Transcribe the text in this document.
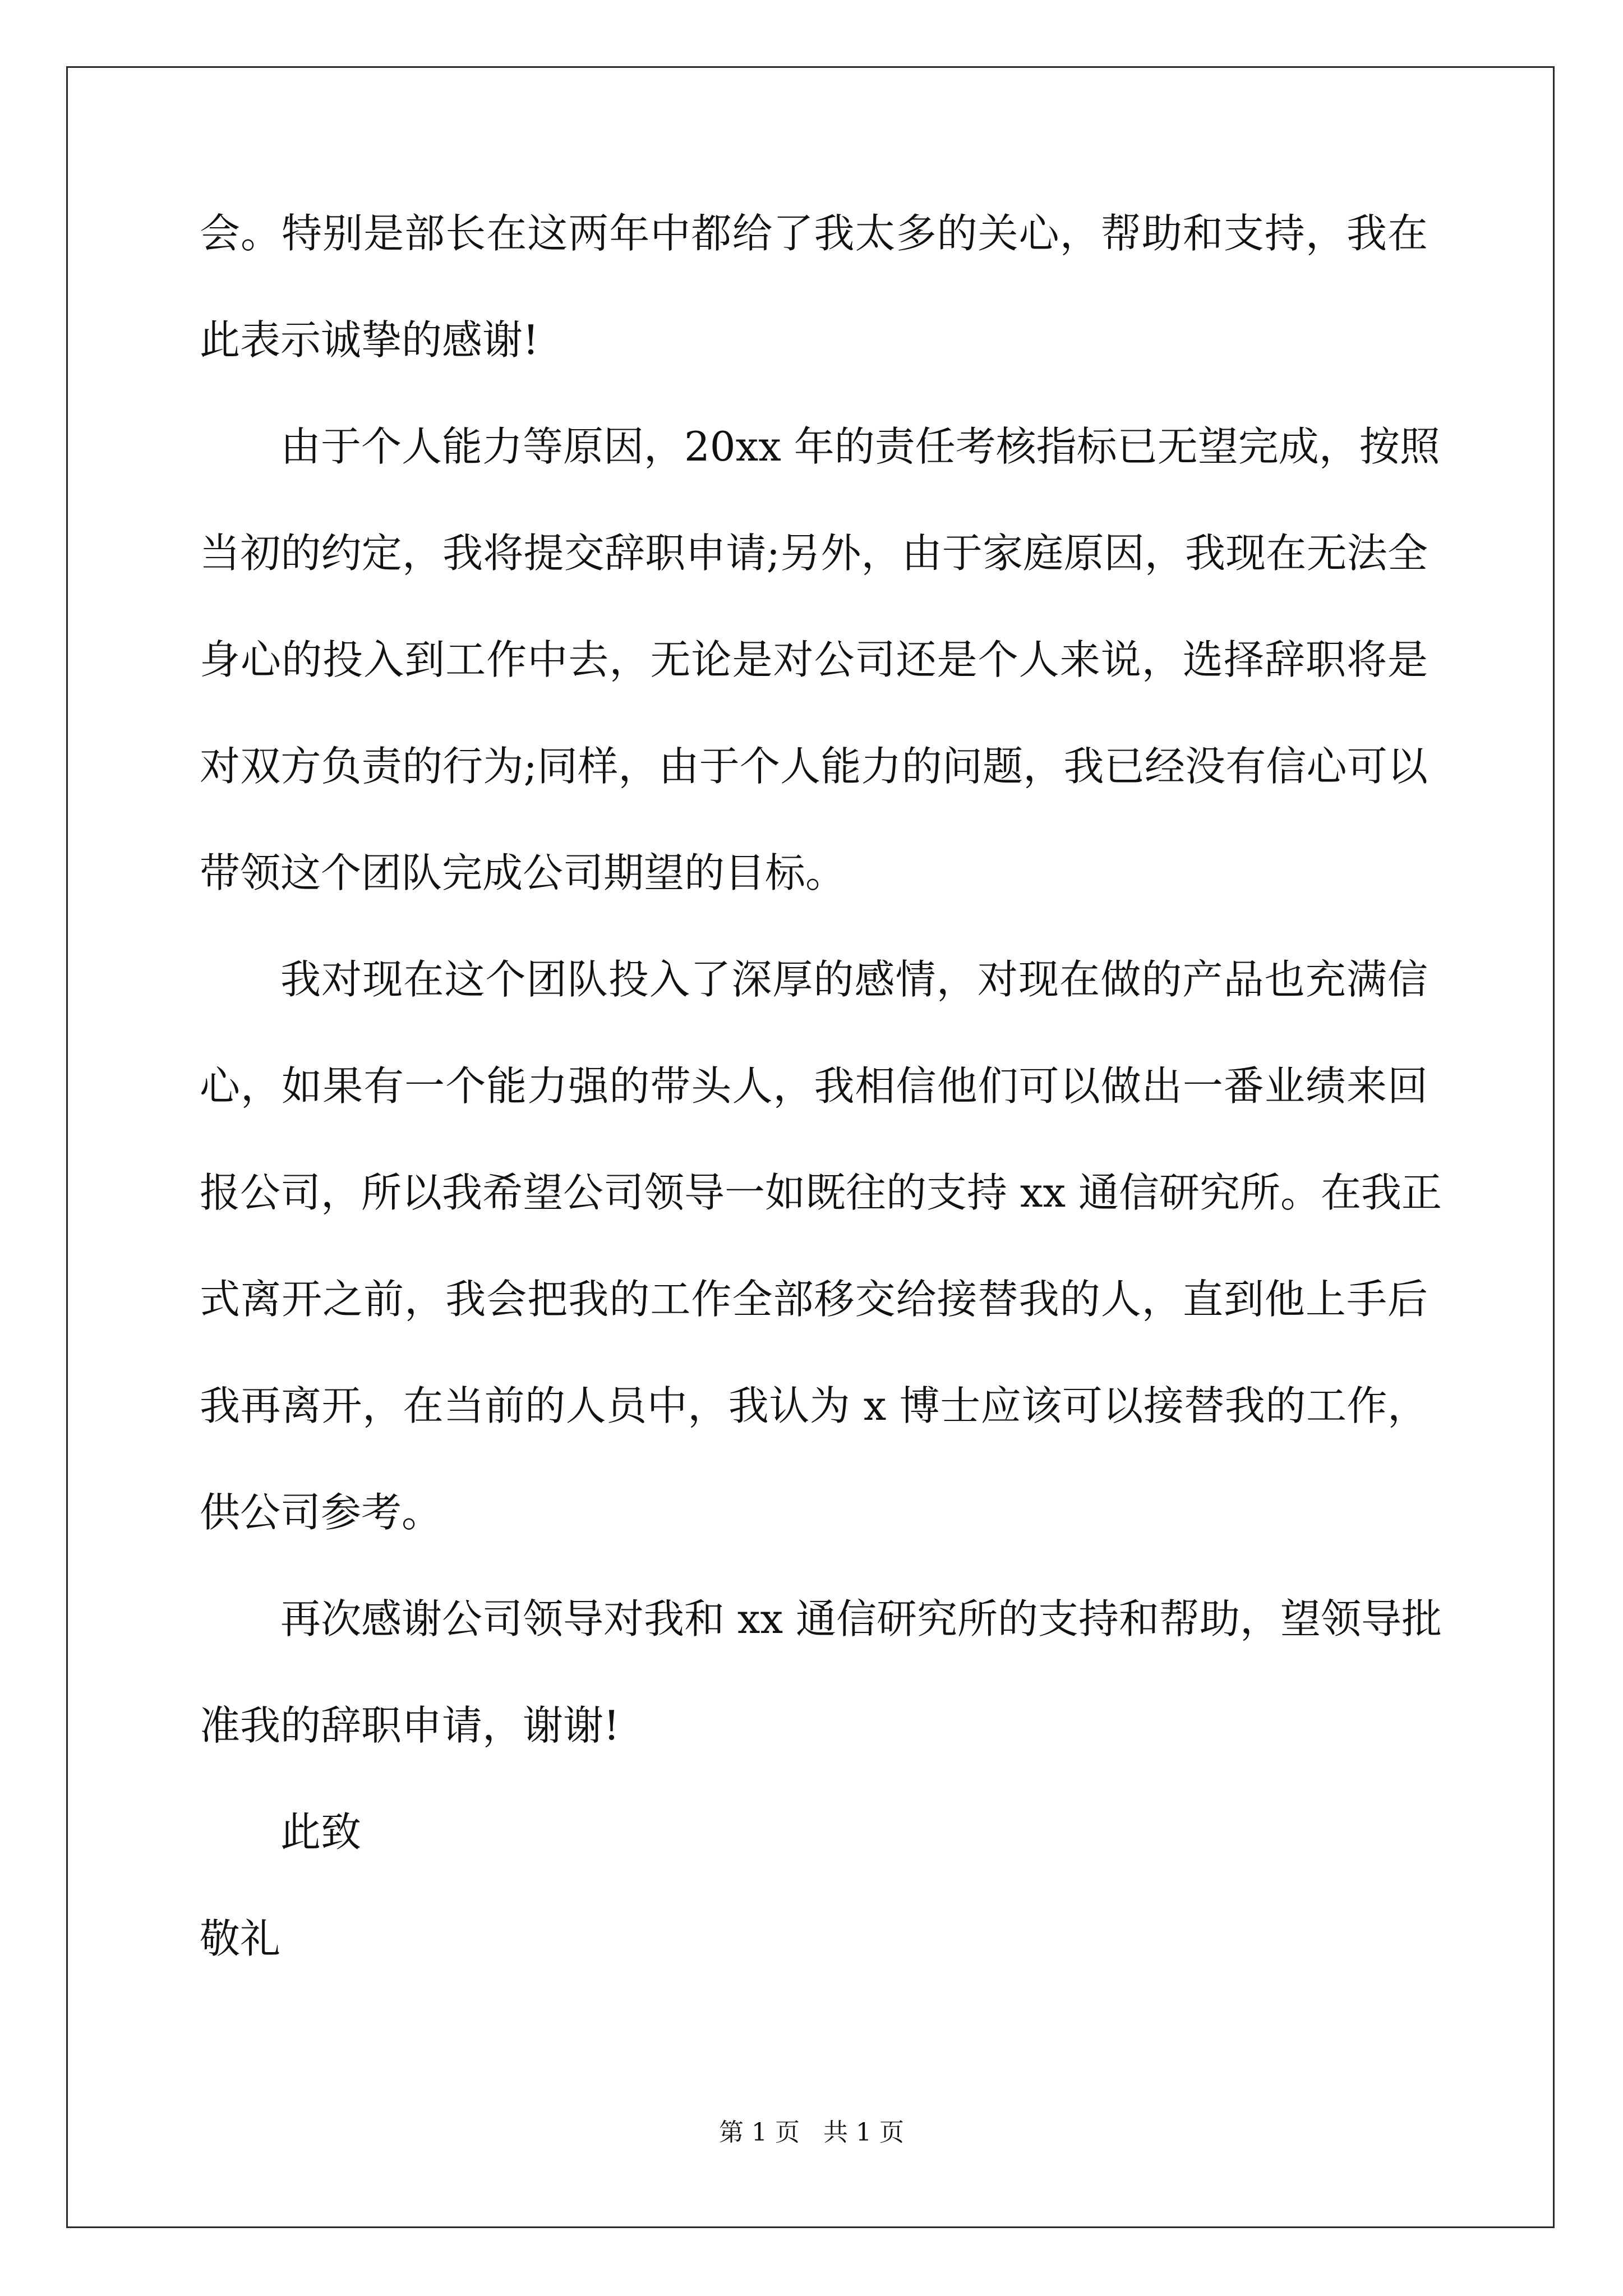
会。特别是部长在这两年中都给了我太多的关心，帮助和支持，我在
此表示诚挚的感谢!
由于个人能力等原因，20xx 年的责任考核指标已无望完成，按照
当初的约定，我将提交辞职申请;另外，由于家庭原因，我现在无法全
身心的投入到工作中去，无论是对公司还是个人来说，选择辞职将是
对双方负责的行为;同样，由于个人能力的问题，我已经没有信心可以
带领这个团队完成公司期望的目标。
我对现在这个团队投入了深厚的感情，对现在做的产品也充满信
心，如果有一个能力强的带头人，我相信他们可以做出一番业绩来回
报公司，所以我希望公司领导一如既往的支持 xx 通信研究所。在我正
式离开之前，我会把我的工作全部移交给接替我的人，直到他上手后
我再离开，在当前的人员中，我认为 x 博士应该可以接替我的工作，
供公司参考。
再次感谢公司领导对我和 xx 通信研究所的支持和帮助，望领导批
准我的辞职申请，谢谢!
此致
敬礼
第 1 页   共 1 页
